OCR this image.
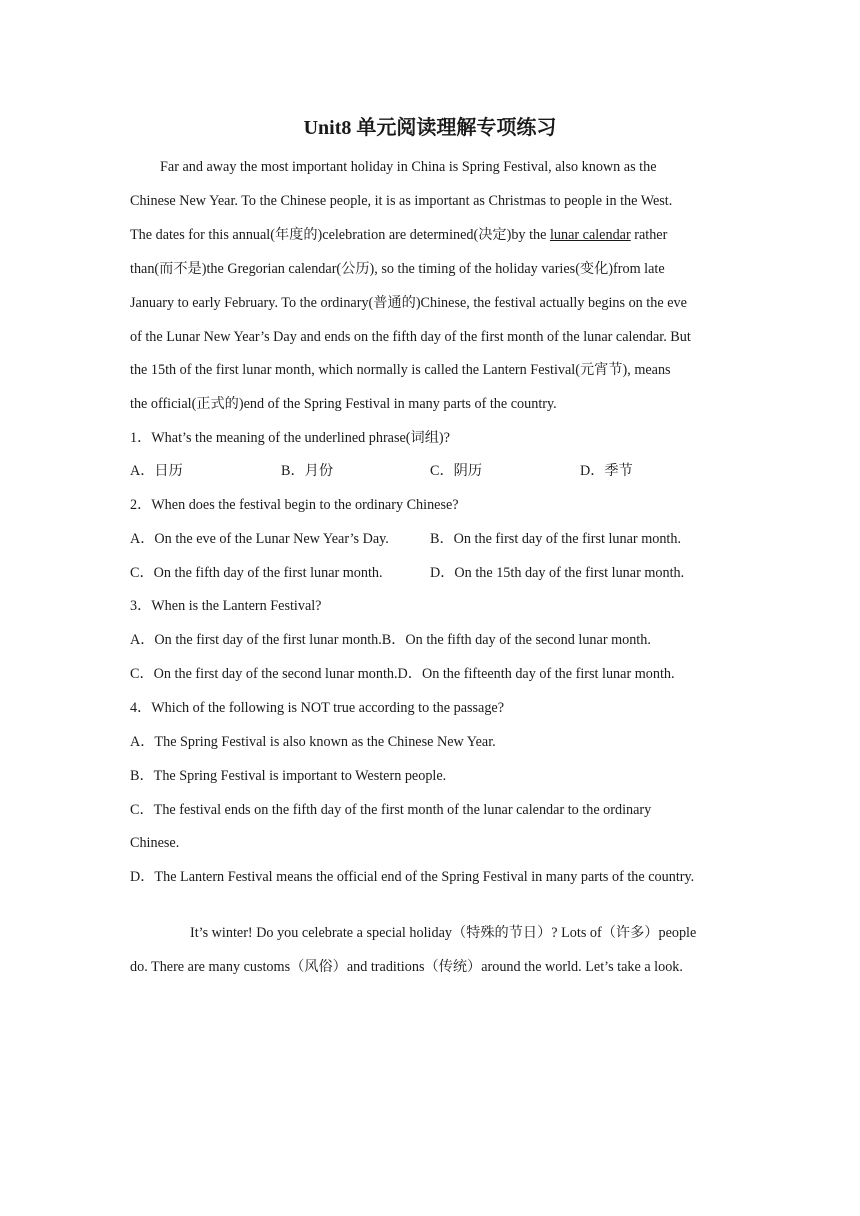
Unit8 单元阅读理解专项练习
Far and away the most important holiday in China is Spring Festival, also known as the
Chinese New Year. To the Chinese people, it is as important as Christmas to people in the West.
The dates for this annual(年度的)celebration are determined(决定)by the lunar calendar rather
than(而不是)the Gregorian calendar(公历), so the timing of the holiday varies(变化)from late
January to early February. To the ordinary(普通的)Chinese, the festival actually begins on the eve
of the Lunar New Year’s Day and ends on the fifth day of the first month of the lunar calendar. But
the 15th of the first lunar month, which normally is called the Lantern Festival(元宵节), means
the official(正式的)end of the Spring Festival in many parts of the country.
1．What’s the meaning of the underlined phrase(词组)?
A．日历	B．月份	C．阴历	D．季节
2．When does the festival begin to the ordinary Chinese?
A．On the eve of the Lunar New Year’s Day.	B．On the first day of the first lunar month.
C．On the fifth day of the first lunar month.	D．On the 15th day of the first lunar month.
3．When is the Lantern Festival?
A．On the first day of the first lunar month.B．On the fifth day of the second lunar month.
C．On the first day of the second lunar month.D．On the fifteenth day of the first lunar month.
4．Which of the following is NOT true according to the passage?
A．The Spring Festival is also known as the Chinese New Year.
B．The Spring Festival is important to Western people.
C．The festival ends on the fifth day of the first month of the lunar calendar to the ordinary
Chinese.
D．The Lantern Festival means the official end of the Spring Festival in many parts of the country.
It’s winter! Do you celebrate a special holiday（特殊的节日）? Lots of（许多）people
do. There are many customs（风俗）and traditions（传统）around the world. Let’s take a look.
